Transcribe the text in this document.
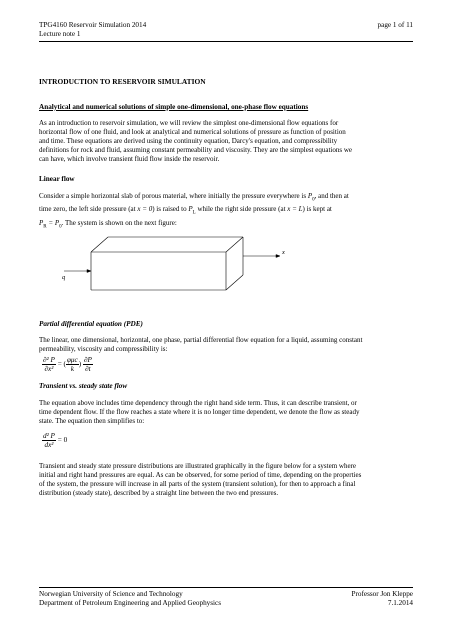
TPG4160 Reservoir Simulation 2014
Lecture note 1
page 1 of 11
INTRODUCTION TO RESERVOIR SIMULATION
Analytical and numerical solutions of simple one-dimensional, one-phase flow equations
As an introduction to reservoir simulation, we will review the simplest one-dimensional flow equations for
horizontal flow of one fluid, and look at analytical and numerical solutions of pressure as function of position
and time. These equations are derived using the continuity equation, Darcy's equation, and compressibility
definitions for rock and fluid, assuming constant permeability and viscosity. They are the simplest equations we
can have, which involve transient fluid flow inside the reservoir.
Linear flow
Consider a simple horizontal slab of porous material, where initially the pressure everywhere is $P_0$, and then at
time zero, the left side pressure (at x = 0) is raised to $P_L$ while the right side pressure (at x = L) is kept at
$P_R = P_0$. The system is shown on the next figure:
x
q
Partial differential equation (PDE)
The linear, one dimensional, horizontal, one phase, partial differential flow equation for a liquid, assuming constant
permeability, viscosity and compressibility is:
$\frac{\text{∂² P}}{\text{∂x²}}$ = ( $\frac{\text{φμc}}{k}$ ) $\frac{\partial P}{\partial t}$
Transient vs. steady state flow
The equation above includes time dependency through the right hand side term. Thus, it can describe transient, or
time dependent flow. If the flow reaches a state where it is no longer time dependent, we denote the flow as steady
state. The equation then simplifies to:
$\frac{\text{d² P}}{\text{dx²}} = 0$
Transient and steady state pressure distributions are illustrated graphically in the figure below for a system where
initial and right hand pressures are equal. As can be observed, for some period of time, depending on the properties
of the system, the pressure will increase in all parts of the system (transient solution), for then to approach a final
distribution (steady state), described by a straight line between the two end pressures.
Norwegian University of Science and Technology
Department of Petroleum Engineering and Applied Geophysics
Professor Jon Kleppe
7.1.2014
